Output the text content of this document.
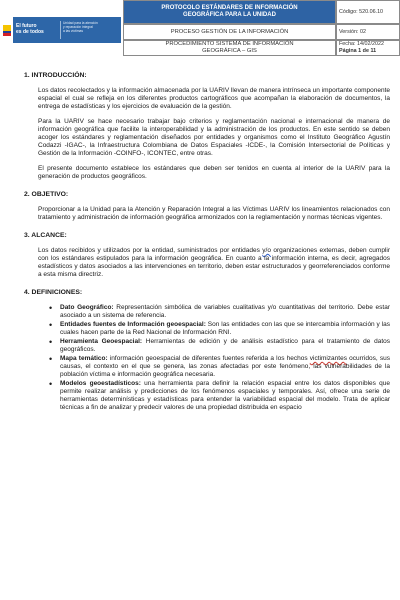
El futuro
es de todos
Unidad para la atención
y reparación integral
a las víctimas
PROTOCOLO ESTÁNDARES DE INFORMACIÓN
GEOGRÁFICA PARA LA UNIDAD
PROCESO GESTIÓN DE LA INFORMACIÓN
PROCEDIMIENTO SISTEMA DE INFORMACIÓN
GEOGRÁFICA – GIS
Código: 520.06.10
Versión: 02
Fecha: 14/02/2022
Página 1 de 11
1. INTRODUCCIÓN:

Los datos recolectados y la información almacenada por la UARIV llevan de manera intrínseca un importante componente espacial el cual se refleja en los diferentes productos cartográficos que acompañan la elaboración de documentos, la entrega de estadísticas y los ejercicios de evaluación de la gestión.

Para la UARIV se hace necesario trabajar bajo criterios y reglamentación nacional e internacional de manera de información geográfica que facilite la interoperabilidad y la administración de los productos. En este sentido se deben acoger los estándares y reglamentación diseñados por entidades y organismos como el Instituto Geográfico Agustín Codazzi -IGAC-, la Infraestructura Colombiana de Datos Espaciales -ICDE-, la Comisión Intersectorial de Políticas y Gestión de la Información -COINFO-, ICONTEC, entre otras.

El presente documento establece los estándares que deben ser tenidos en cuenta al interior de la UARIV para la generación de productos geográficos.

2. OBJETIVO:

Proporcionar a la Unidad para la Atención y Reparación Integral a las Víctimas UARIV los lineamientos relacionados con tratamiento y administración de información geográfica armonizados con la reglamentación y normas técnicas vigentes.

3. ALCANCE:

Los datos recibidos y utilizados por la entidad, suministrados por entidades y/o organizaciones externas, deben cumplir con los estándares estipulados para la información geográfica. En cuanto a la información interna, es decir, agregados estadísticos y datos asociados a las intervenciones en territorio, deben estar estructurados y georreferenciados conforme a esta misma directriz.

4. DEFINICIONES:
• Dato Geográfico: Representación simbólica de variables cualitativas y/o cuantitativas del territorio. Debe estar asociado a un sistema de referencia.
• Entidades fuentes de Información geoespacial: Son las entidades con las que se intercambia información y las cuales hacen parte de la Red Nacional de Información RNI.
• Herramienta Geoespacial: Herramientas de edición y de análisis estadístico para el tratamiento de datos geográficos.
• Mapa temático: información geoespacial de diferentes fuentes referida a los hechos victimizantes ocurridos, sus causas, el contexto en el que se genera, las zonas afectadas por este fenómeno, las vulnerabilidades de la población víctima e información geográfica necesaria.
• Modelos geoestadísticos: una herramienta para definir la relación espacial entre los datos disponibles que permite realizar análisis y predicciones de los fenómenos espaciales y temporales. Así, ofrece una serie de herramientas determinísticas y estadísticas para entender la variabilidad espacial del modelo. Trata de aplicar técnicas a fin de analizar y predecir valores de una propiedad distribuida en espacio
